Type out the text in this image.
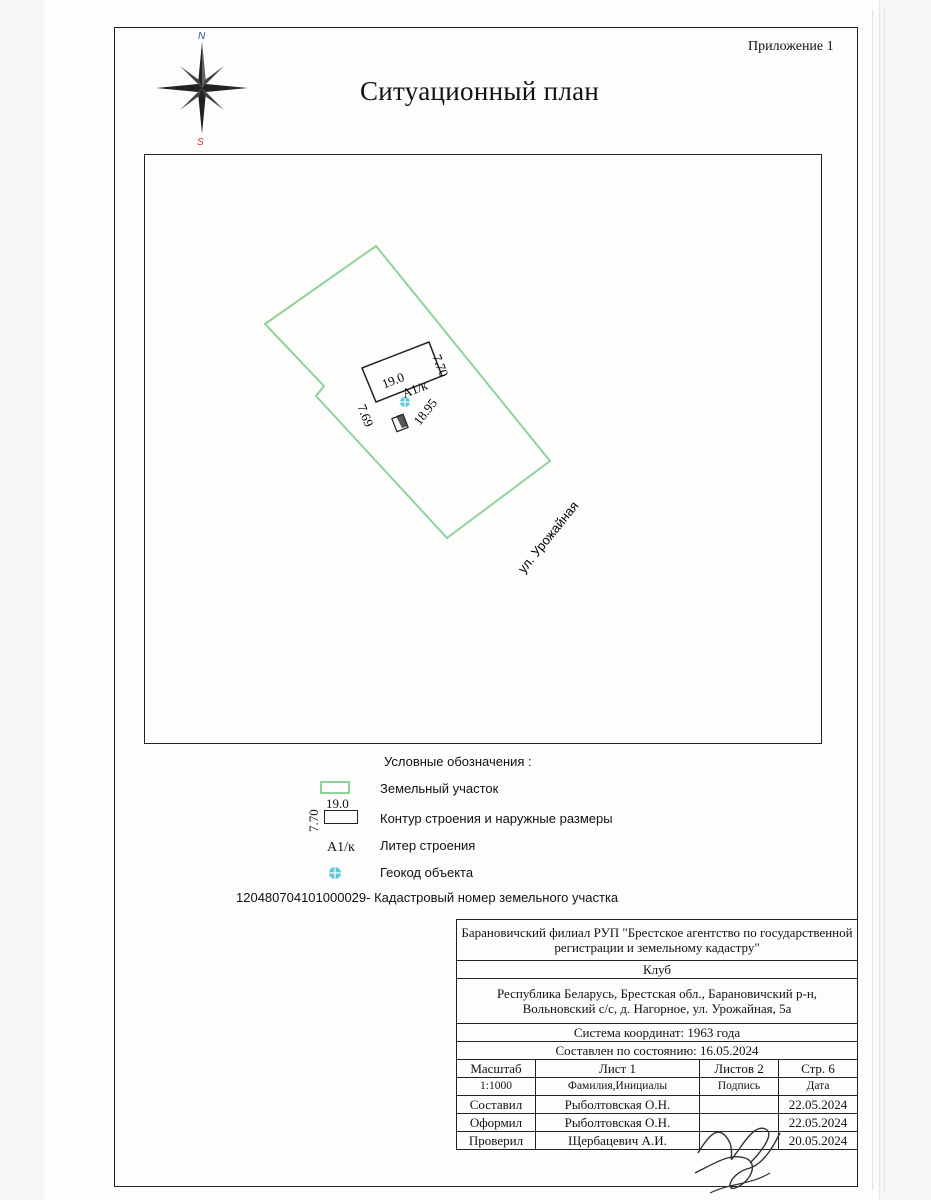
Приложение 1
Ситуационный план
N
S
А1/к
19.0
7.70
7.69	18.95
ул. Урожайная
Условные обозначения :
Земельный участок
19.0
7.70	Контур строения и наружные размеры
А1/к Литер строения
Геокод объекта
120480704101000029- Кадастровый номер земельного участка
Барановичский филиал РУП "Брестское агентство по государственной регистрации и земельному кадастру"			
Клуб			
Республика Беларусь, Брестская обл., Барановичский р-н, Вольновский с/с, д. Нагорное, ул. Урожайная, 5а			
Система координат: 1963 года			
Составлен по состоянию: 16.05.2024			
Масштаб	Лист 1	Листов 2	Стр. 6
1:1000	Фамилия,Инициалы	Подпись	Дата
Составил	Рыболтовская О.Н.		22.05.2024
Оформил	Рыболтовская О.Н.		22.05.2024
Проверил	Щербацевич А.И.		20.05.2024
